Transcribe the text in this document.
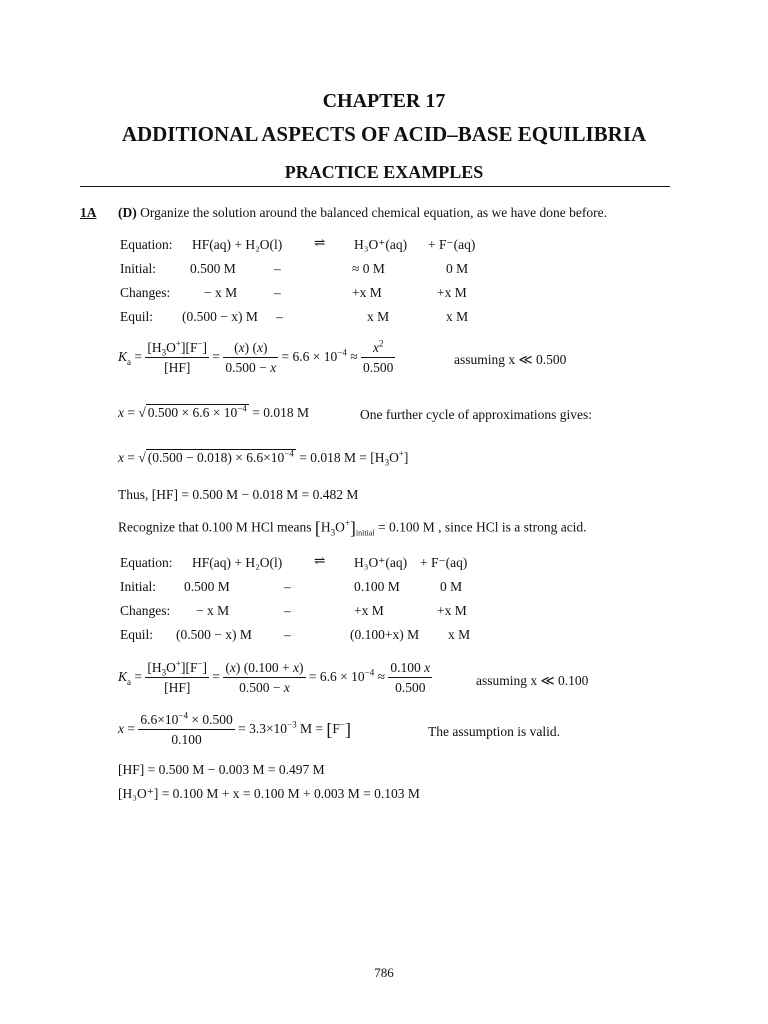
CHAPTER 17
ADDITIONAL ASPECTS OF ACID–BASE EQUILIBRIA
PRACTICE EXAMPLES
1A (D) Organize the solution around the balanced chemical equation, as we have done before.
Equation: HF(aq) + H₂O(l) ⇌ H₃O⁺(aq) + F⁻(aq)
Initial:	0.500 M	–	≈ 0 M	0 M
Changes:	− x M	–	+x M	+x M
Equil: (0.500 − x) M –	x M	x M
$K_a = \frac{[H_3O^+][F^-]}{[HF]} = \frac{(x) (x)}{0.500 - x} = 6.6 \times 10^{-4} \approx \frac{x^2}{0.500}$	assuming x ≪ 0.500
x = √ $0.500 \times 6.6 \times 10^{-4} = 0.018$ M	One further cycle of approximations gives:
x = √ $(0.500 - 0.018) \times 6.6\times 10^{-4} = 0.018$ $M = [H_3O^+]$
Thus, [HF] = 0.500 M − 0.018 M = 0.482 M
Recognize that 0.100 M HCl means $[H_3O^+]_{initial} = 0.100$ M , since HCl is a strong acid.
Equation: HF(aq) + H₂O(l) ⇌ H₃O⁺(aq) + F⁻(aq)
Initial: 0.500 M	–	0.100 M	0 M
Changes: − x M	–	+x M	+x M
Equil: (0.500 − x) M –	(0.100+x) M x M
$K_a = \frac{[H_3O^+][F^-]}{[HF]} = \frac{(x) (0.100 + x)}{0.500 - x} = 6.6 \times 10^{-4} \approx \frac{0.100 x}{0.500}$	assuming x ≪ 0.100
$x = \frac{6.6\times 10^{-4} \times 0.500}{0.100} = 3.3\times 10^{-3}$ M = [F−]	The assumption is valid.
[HF] = 0.500 M − 0.003 M = 0.497 M
[H₃O⁺] = 0.100 M + x = 0.100 M + 0.003 M = 0.103 M
786
